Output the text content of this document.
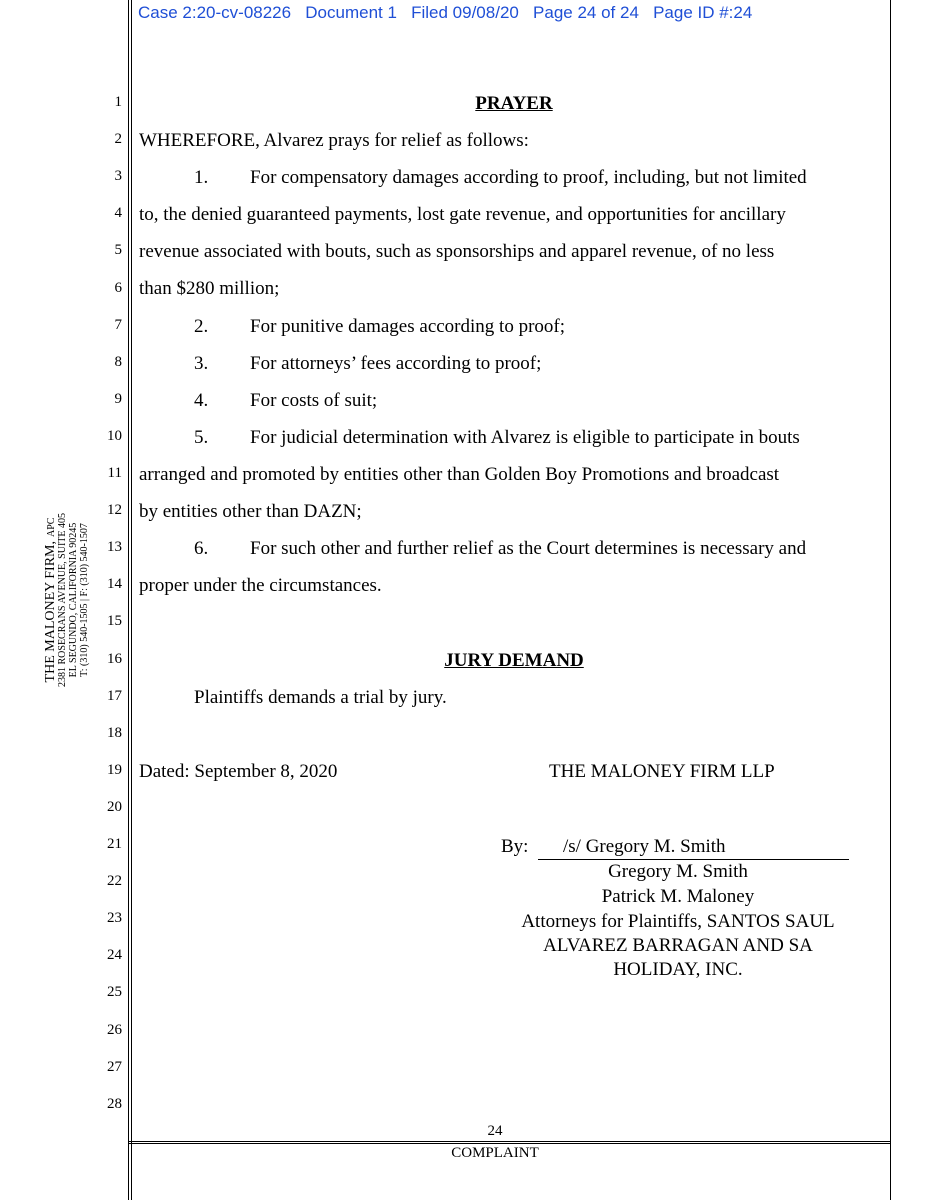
Case 2:20-cv-08226 Document 1 Filed 09/08/20 Page 24 of 24 Page ID #:24
THE MALONEY FIRM, APC 2381 ROSECRANS AVENUE, SUITE 405 EL SEGUNDO, CALIFORNIA 90245 T: (310) 540-1505 | F: (310) 540-1507
1
2
3
4
5
6
7
8
9
10
11
12
13
14
15
16
17
18
19
20
21
22
23
24
25
26
27
28
PRAYER
WHEREFORE, Alvarez prays for relief as follows:
1. For compensatory damages according to proof, including, but not limited
to, the denied guaranteed payments, lost gate revenue, and opportunities for ancillary
revenue associated with bouts, such as sponsorships and apparel revenue, of no less
than $280 million;
2. For punitive damages according to proof;
3. For attorneys’ fees according to proof;
4. For costs of suit;
5. For judicial determination with Alvarez is eligible to participate in bouts
arranged and promoted by entities other than Golden Boy Promotions and broadcast
by entities other than DAZN;
6. For such other and further relief as the Court determines is necessary and
proper under the circumstances.
JURY DEMAND
Plaintiffs demands a trial by jury.
Dated: September 8, 2020	THE MALONEY FIRM LLP
By: /s/ Gregory M. Smith
Gregory M. Smith
Patrick M. Maloney
Attorneys for Plaintiffs, SANTOS SAUL
ALVAREZ BARRAGAN AND SA
HOLIDAY, INC.
24
COMPLAINT
